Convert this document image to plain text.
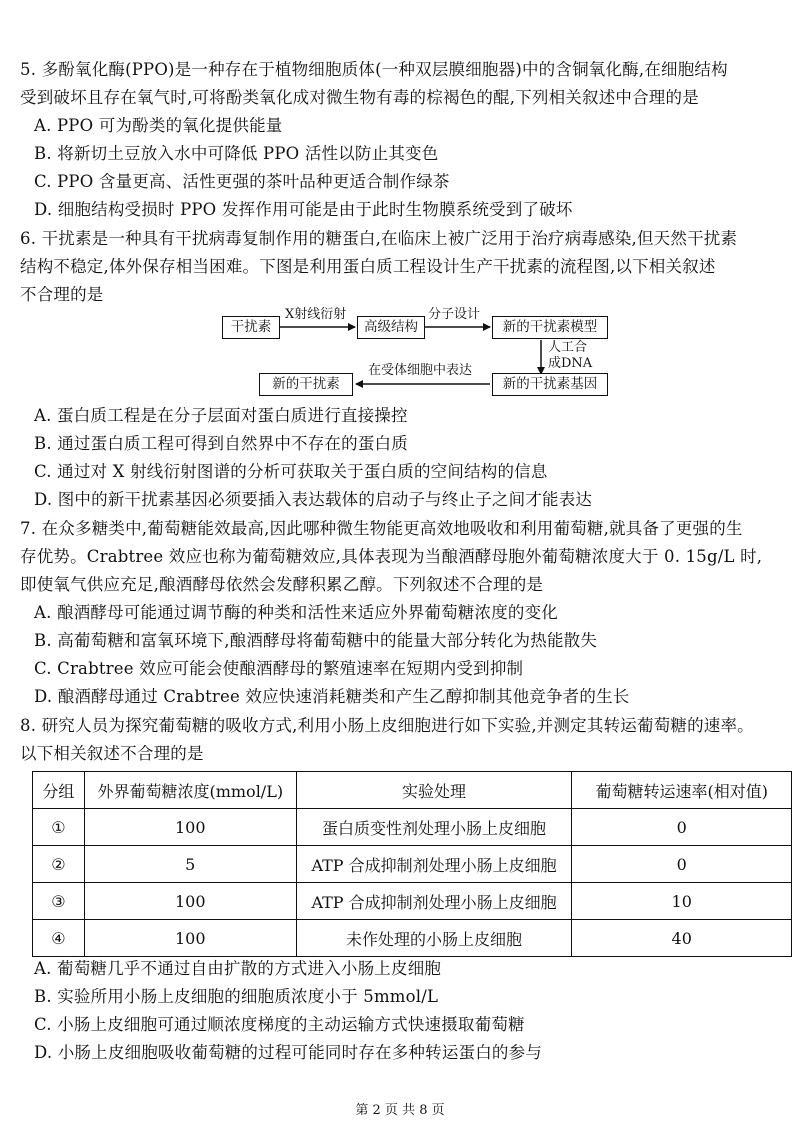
5. 多酚氧化酶(PPO)是一种存在于植物细胞质体(一种双层膜细胞器)中的含铜氧化酶,在细胞结构
受到破坏且存在氧气时,可将酚类氧化成对微生物有毒的棕褐色的醌,下列相关叙述中合理的是
A. PPO 可为酚类的氧化提供能量
B. 将新切土豆放入水中可降低 PPO 活性以防止其变色
C. PPO 含量更高、活性更强的茶叶品种更适合制作绿茶
D. 细胞结构受损时 PPO 发挥作用可能是由于此时生物膜系统受到了破坏
6. 干扰素是一种具有干扰病毒复制作用的糖蛋白,在临床上被广泛用于治疗病毒感染,但天然干扰素
结构不稳定,体外保存相当困难。下图是利用蛋白质工程设计生产干扰素的流程图,以下相关叙述
不合理的是
干扰素	高级结构	新的干扰素模型
新的干扰素基因
新的干扰素
X射线衍射	分子设计
人工合
成DNA
在受体细胞中表达
A. 蛋白质工程是在分子层面对蛋白质进行直接操控
B. 通过蛋白质工程可得到自然界中不存在的蛋白质
C. 通过对 X 射线衍射图谱的分析可获取关于蛋白质的空间结构的信息
D. 图中的新干扰素基因必须要插入表达载体的启动子与终止子之间才能表达
7. 在众多糖类中,葡萄糖能效最高,因此哪种微生物能更高效地吸收和利用葡萄糖,就具备了更强的生
存优势。Crabtree 效应也称为葡萄糖效应,具体表现为当酿酒酵母胞外葡萄糖浓度大于 0. 15g/L 时,
即使氧气供应充足,酿酒酵母依然会发酵积累乙醇。下列叙述不合理的是
A. 酿酒酵母可能通过调节酶的种类和活性来适应外界葡萄糖浓度的变化
B. 高葡萄糖和富氧环境下,酿酒酵母将葡萄糖中的能量大部分转化为热能散失
C. Crabtree 效应可能会使酿酒酵母的繁殖速率在短期内受到抑制
D. 酿酒酵母通过 Crabtree 效应快速消耗糖类和产生乙醇抑制其他竞争者的生长
8. 研究人员为探究葡萄糖的吸收方式,利用小肠上皮细胞进行如下实验,并测定其转运葡萄糖的速率。
以下相关叙述不合理的是
分组	外界葡萄糖浓度(mmol/L)	实验处理	葡萄糖转运速率(相对值)
①	100	蛋白质变性剂处理小肠上皮细胞	0
②	5	ATP 合成抑制剂处理小肠上皮细胞	0
③	100	ATP 合成抑制剂处理小肠上皮细胞	10
④	100	未作处理的小肠上皮细胞	40
A. 葡萄糖几乎不通过自由扩散的方式进入小肠上皮细胞
B. 实验所用小肠上皮细胞的细胞质浓度小于 5mmol/L
C. 小肠上皮细胞可通过顺浓度梯度的主动运输方式快速摄取葡萄糖
D. 小肠上皮细胞吸收葡萄糖的过程可能同时存在多种转运蛋白的参与
第 2 页 共 8 页
